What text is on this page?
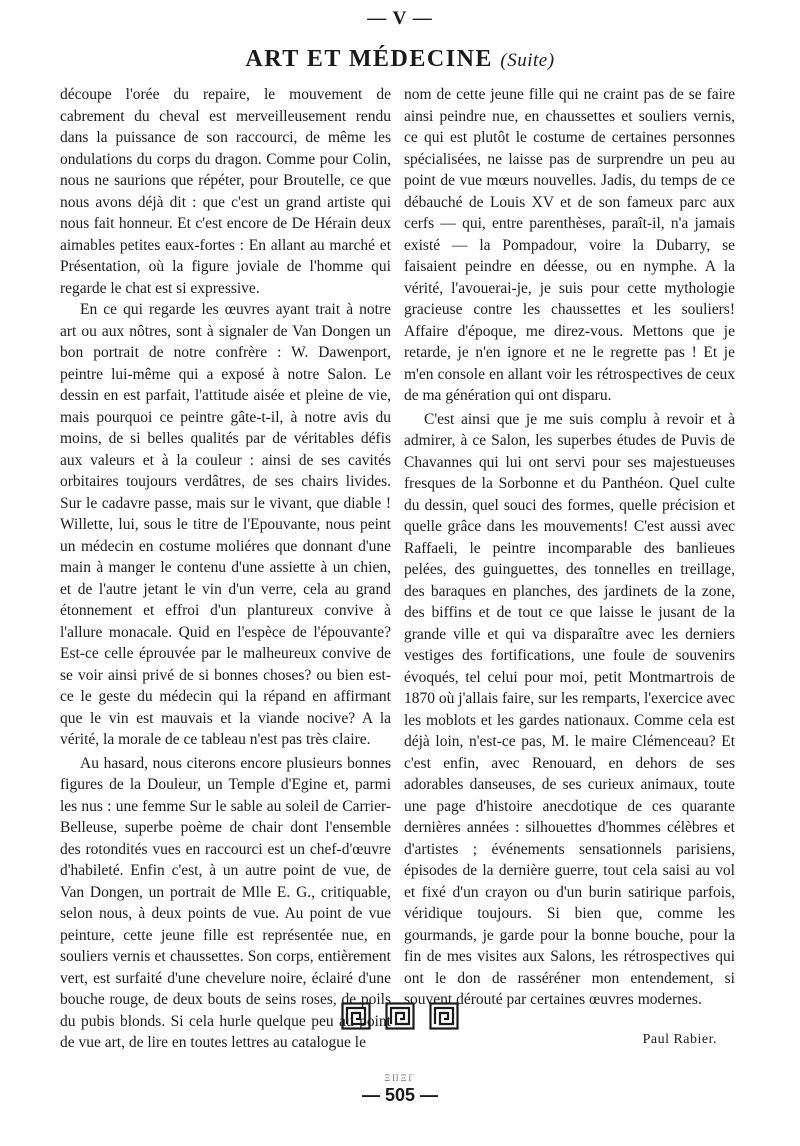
— V —
ART ET MÉDECINE (Suite)

découpe l'orée du repaire, le mouvement de cabrement du cheval est merveilleusement rendu dans la puissance de son raccourci, de même les ondulations du corps du dragon. Comme pour Colin, nous ne saurions que répéter, pour Broutelle, ce que nous avons déjà dit : que c'est un grand artiste qui nous fait honneur. Et c'est encore de De Hérain deux aimables petites eaux-fortes : En allant au marché et Présentation, où la figure joviale de l'homme qui regarde le chat est si expressive.

En ce qui regarde les œuvres ayant trait à notre art ou aux nôtres, sont à signaler de Van Dongen un bon portrait de notre confrère : W. Dawenport, peintre lui-même qui a exposé à notre Salon. Le dessin en est parfait, l'attitude aisée et pleine de vie, mais pourquoi ce peintre gâte-t-il, à notre avis du moins, de si belles qualités par de véritables défis aux valeurs et à la couleur : ainsi de ses cavités orbitaires toujours verdâtres, de ses chairs livides. Sur le cadavre passe, mais sur le vivant, que diable ! Willette, lui, sous le titre de l'Epouvante, nous peint un médecin en costume moliéres que donnant d'une main à manger le contenu d'une assiette à un chien, et de l'autre jetant le vin d'un verre, cela au grand étonnement et effroi d'un plantureux convive à l'allure monacale. Quid en l'espèce de l'épouvante? Est-ce celle éprouvée par le malheureux convive de se voir ainsi privé de si bonnes choses? ou bien est-ce le geste du médecin qui la répand en affirmant que le vin est mauvais et la viande nocive? A la vérité, la morale de ce tableau n'est pas très claire.

Au hasard, nous citerons encore plusieurs bonnes figures de la Douleur, un Temple d'Egine et, parmi les nus : une femme Sur le sable au soleil de Carrier-Belleuse, superbe poème de chair dont l'ensemble des rotondités vues en raccourci est un chef-d'œuvre d'habileté. Enfin c'est, à un autre point de vue, de Van Dongen, un portrait de Mlle E. G., critiquable, selon nous, à deux points de vue. Au point de vue peinture, cette jeune fille est représentée nue, en souliers vernis et chaussettes. Son corps, entièrement vert, est surfaité d'une chevelure noire, éclairé d'une bouche rouge, de deux bouts de seins roses, de poils du pubis blonds. Si cela hurle quelque peu au point de vue art, de lire en toutes lettres au catalogue le

nom de cette jeune fille qui ne craint pas de se faire ainsi peindre nue, en chaussettes et souliers vernis, ce qui est plutôt le costume de certaines personnes spécialisées, ne laisse pas de surprendre un peu au point de vue mœurs nouvelles. Jadis, du temps de ce débauché de Louis XV et de son fameux parc aux cerfs — qui, entre parenthèses, paraît-il, n'a jamais existé — la Pompadour, voire la Dubarry, se faisaient peindre en déesse, ou en nymphe. A la vérité, l'avouerai-je, je suis pour cette mythologie gracieuse contre les chaussettes et les souliers! Affaire d'époque, me direz-vous. Mettons que je retarde, je n'en ignore et ne le regrette pas ! Et je m'en console en allant voir les rétrospectives de ceux de ma génération qui ont disparu.

C'est ainsi que je me suis complu à revoir et à admirer, à ce Salon, les superbes études de Puvis de Chavannes qui lui ont servi pour ses majestueuses fresques de la Sorbonne et du Panthéon. Quel culte du dessin, quel souci des formes, quelle précision et quelle grâce dans les mouvements! C'est aussi avec Raffaeli, le peintre incomparable des banlieues pelées, des guinguettes, des tonnelles en treillage, des baraques en planches, des jardinets de la zone, des biffins et de tout ce que laisse le jusant de la grande ville et qui va disparaître avec les derniers vestiges des fortifications, une foule de souvenirs évoqués, tel celui pour moi, petit Montmartrois de 1870 où j'allais faire, sur les remparts, l'exercice avec les moblots et les gardes nationaux. Comme cela est déjà loin, n'est-ce pas, M. le maire Clémenceau? Et c'est enfin, avec Renouard, en dehors de ses adorables danseuses, de ses curieux animaux, toute une page d'histoire anecdotique de ces quarante dernières années : silhouettes d'hommes célèbres et d'artistes ; événements sensationnels parisiens, épisodes de la dernière guerre, tout cela saisi au vol et fixé d'un crayon ou d'un burin satirique parfois, véridique toujours. Si bien que, comme les gourmands, je garde pour la bonne bouche, pour la fin de mes visites aux Salons, les rétrospectives qui ont le don de rasséréner mon entendement, si souvent dérouté par certaines œuvres modernes.

Paul Rabier.
ΞΠΞΓ
— 505 —
